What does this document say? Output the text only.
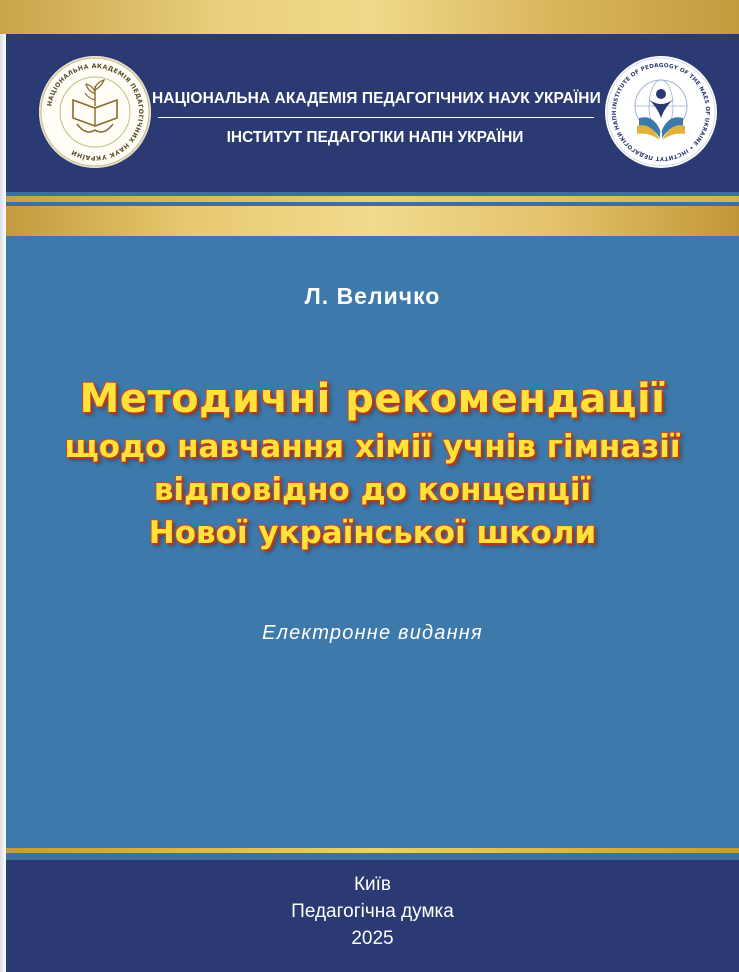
НАЦІОНАЛЬНА АКАДЕМІЯ ПЕДАГОГІЧНИХ НАУК УКРАЇНИ
НАЦІОНАЛЬНА АКАДЕМІЯ ПЕДАГОГІЧНИХ НАУК УКРАЇНИ
ІНСТИТУТ ПЕДАГОГІКИ НАПН УКРАЇНИ
INSTITUTE OF PEDAGOGY OF THE NAES OF UKRAINE • ІНСТИТУТ ПЕДАГОГІКИ НАПН
Л. Величко
Методичні рекомендації
щодо навчання хімії учнів гімназії
відповідно до концепції
Нової української школи
Електронне видання
Київ
Педагогічна думка
2025
